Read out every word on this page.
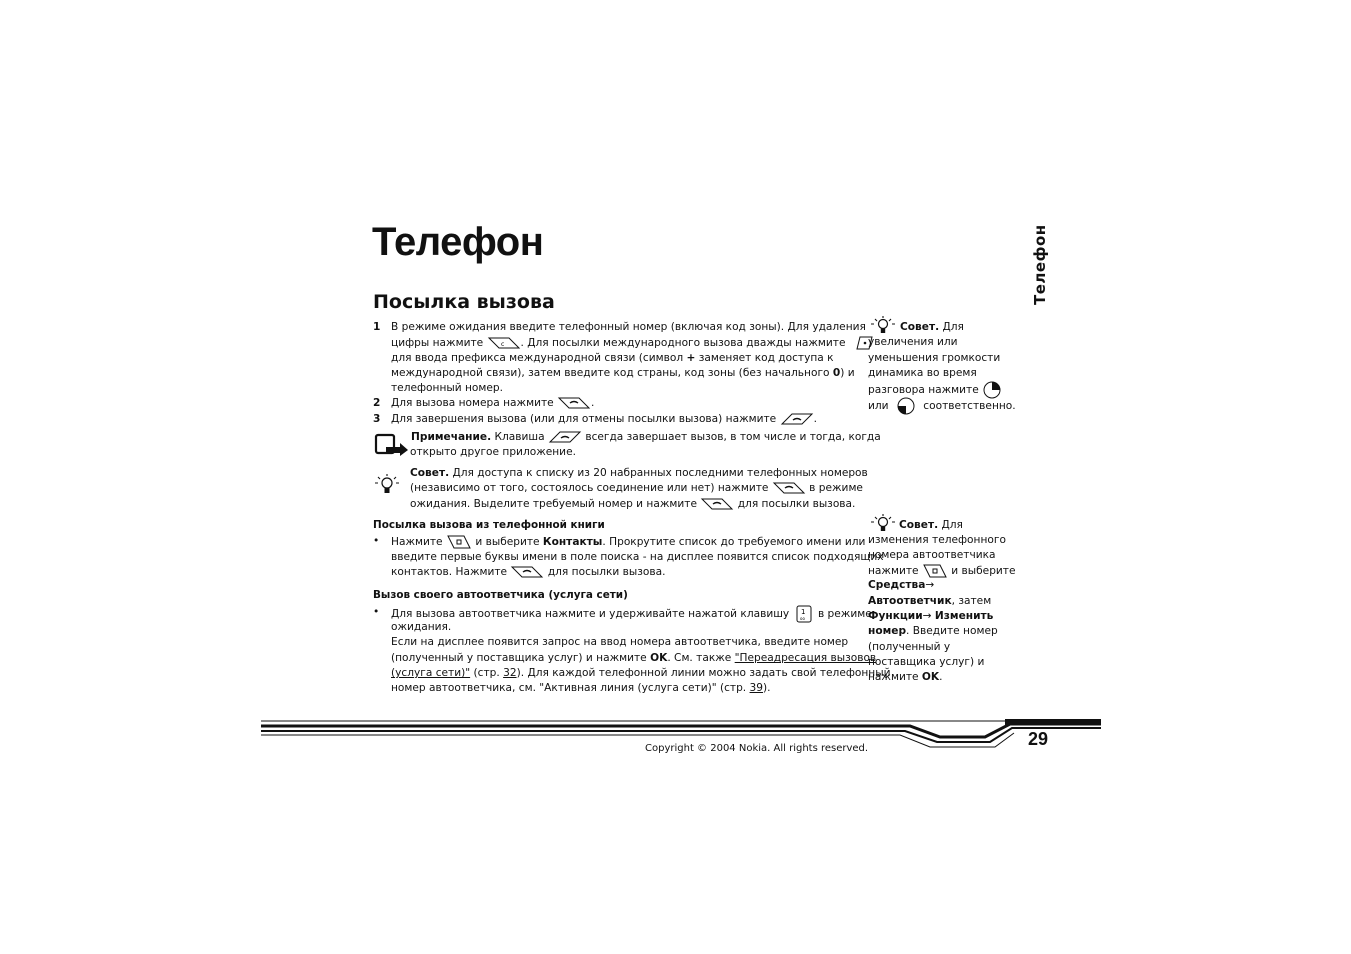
Телефон	Телефон
Посылка вызова
1 В режиме ожидания введите телефонный номер (включая код зоны). Для удаления
цифры нажмите	c . Для посылки международного вызова дважды нажмите
для ввода префикса международной связи (символ + заменяет код доступа к
международной связи), затем введите код страны, код зоны (без начального 0) и
телефонный номер.
2 Для вызова номера нажмите	.
3 Для завершения вызова (или для отмены посылки вызова) нажмите	.
Примечание. Клавиша	всегда завершает вызов, в том числе и тогда, когда
открыто другое приложение.
Совет. Для доступа к списку из 20 набранных последними телефонных номеров
(независимо от того, состоялось соединение или нет) нажмите	в режиме
ожидания. Выделите требуемый номер и нажмите	для посылки вызова.
Посылка вызова из телефонной книги
• Нажмите	и выберите Контакты. Прокрутите список до требуемого имени или
введите первые буквы имени в поле поиска - на дисплее появится список подходящих
контактов. Нажмите	для посылки вызова.
Вызов своего автоответчика (услуга сети)
• Для вызова автоответчика нажмите и удерживайте нажатой клавишу 1
oo в режиме
ожидания.
Если на дисплее появится запрос на ввод номера автоответчика, введите номер
(полученный у поставщика услуг) и нажмите OK. См. также "Переадресация вызовов
(услуга сети)" (стр. 32). Для каждой телефонной линии можно задать свой телефонный
номер автоответчика, см. "Активная линия (услуга сети)" (стр. 39).
Совет. Для
увеличения или
уменьшения громкости
динамика во время
разговора нажмите
или	соответственно.
Совет. Для
изменения телефонного
номера автоответчика
нажмите	и выберите
Средства→
Автоответчик, затем
Функции→ Изменить
номер. Введите номер
(полученный у
поставщика услуг) и
нажмите OK.
29
Copyright © 2004 Nokia. All rights reserved.
